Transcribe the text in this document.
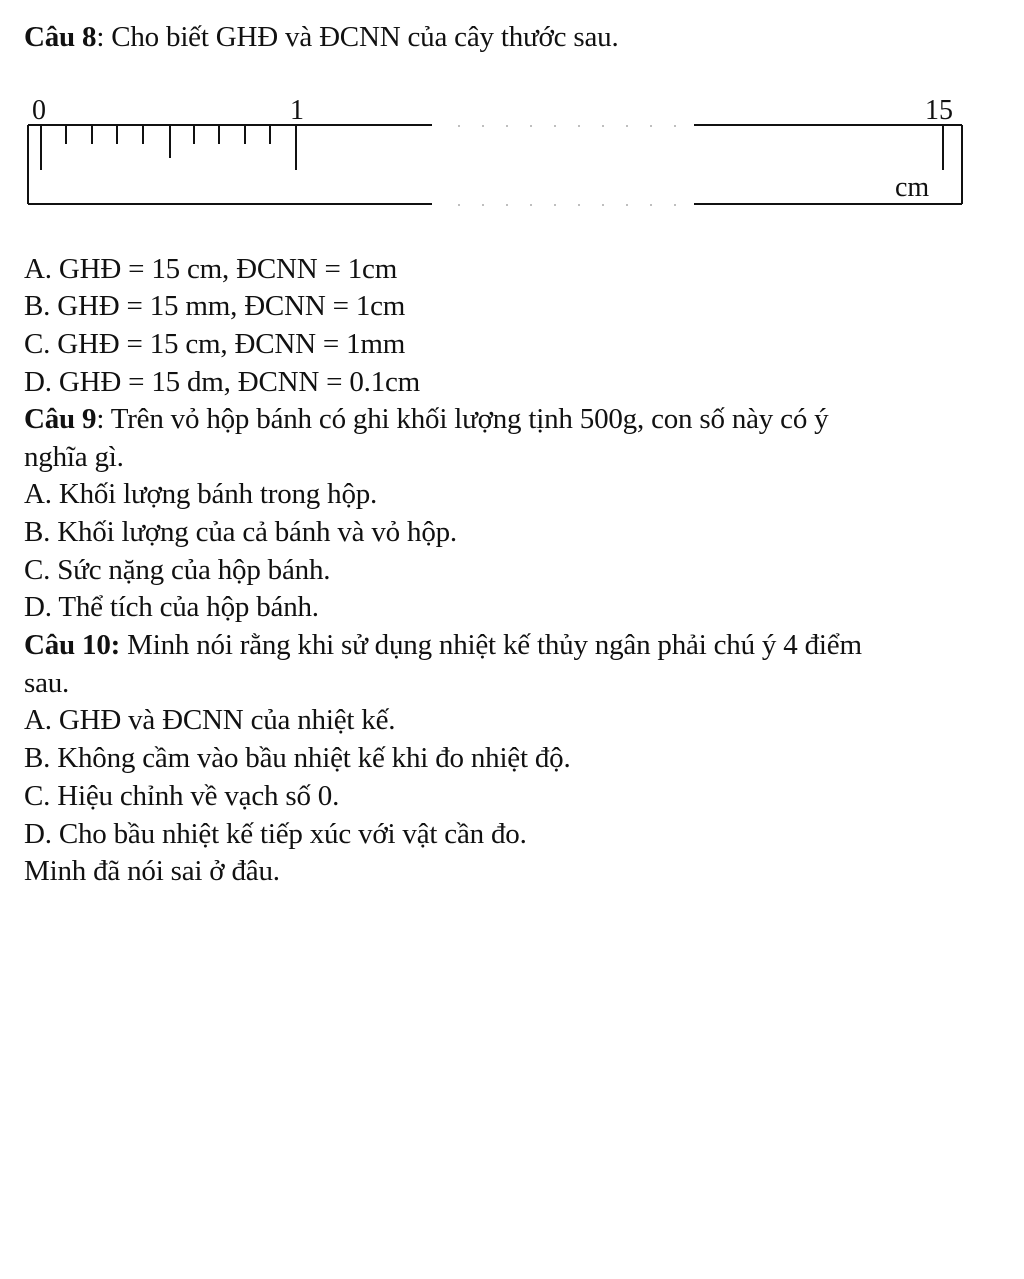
Câu 8: Cho biết GHĐ và ĐCNN của cây thước sau.
0	1	15
cm
A. GHĐ = 15 cm, ĐCNN = 1cm
B. GHĐ = 15 mm, ĐCNN = 1cm
C. GHĐ = 15 cm, ĐCNN = 1mm
D. GHĐ = 15 dm, ĐCNN = 0.1cm
Câu 9: Trên vỏ hộp bánh có ghi khối lượng tịnh 500g, con số này có ý
nghĩa gì.
A. Khối lượng bánh trong hộp.
B. Khối lượng của cả bánh và vỏ hộp.
C. Sức nặng của hộp bánh.
D. Thể tích của hộp bánh.
Câu 10: Minh nói rằng khi sử dụng nhiệt kế thủy ngân phải chú ý 4 điểm
sau.
A. GHĐ và ĐCNN của nhiệt kế.
B. Không cầm vào bầu nhiệt kế khi đo nhiệt độ.
C. Hiệu chỉnh về vạch số 0.
D. Cho bầu nhiệt kế tiếp xúc với vật cần đo.
Minh đã nói sai ở đâu.
